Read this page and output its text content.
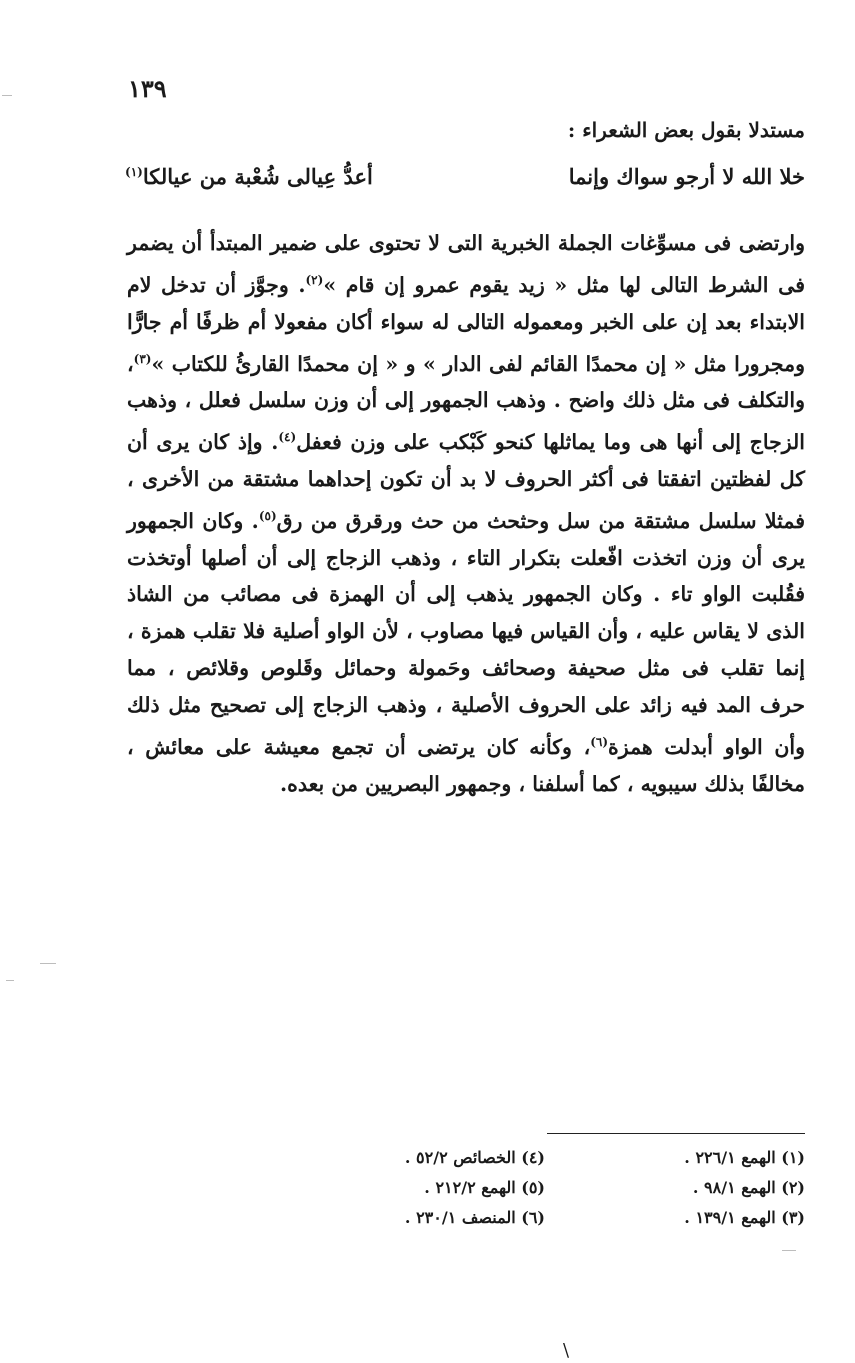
١٣٩
مستدلا بقول بعض الشعراء :
خلا الله لا أرجو سواك وإنما
أعدُّ عِيالى شُعْبة من عيالكا$^{(١)}$
وارتضى فى مسوِّغات الجملة الخبرية التى لا تحتوى على ضمير المبتدأ أن يضمر فى الشرط التالى لها مثل « زيد يقوم عمرو إن قام »$^{(٢)}$. وجوَّز أن تدخل لام الابتداء بعد إن على الخبر ومعموله التالى له سواء أكان مفعولا أم ظرفًا أم جارًّا ومجرورا مثل « إن محمدًا القائم لفى الدار » و « إن محمدًا القارئُ للكتاب »$^{(٣)}$، والتكلف فى مثل ذلك واضح . وذهب الجمهور إلى أن وزن سلسل فعلل ، وذهب الزجاج إلى أنها هى وما يماثلها كنحو كَبْكب على وزن فعفل$^{(٤)}$. وإذ كان يرى أن كل لفظتين اتفقتا فى أكثر الحروف لا بد أن تكون إحداهما مشتقة من الأخرى ، فمثلا سلسل مشتقة من سل وحثحث من حث ورقرق من رق$^{(٥)}$. وكان الجمهور يرى أن وزن اتخذت افّعلت بتكرار التاء ، وذهب الزجاج إلى أن أصلها أوتخذت فقُلبت الواو تاء . وكان الجمهور يذهب إلى أن الهمزة فى مصائب من الشاذ الذى لا يقاس عليه ، وأن القياس فيها مصاوب ، لأن الواو أصلية فلا تقلب همزة ، إنما تقلب فى مثل صحيفة وصحائف وحَمولة وحمائل وقَلوص وقلائص ، مما حرف المد فيه زائد على الحروف الأصلية ، وذهب الزجاج إلى تصحيح مثل ذلك وأن الواو أبدلت همزة$^{(٦)}$، وكأنه كان يرتضى أن تجمع معيشة على معائش ، مخالفًا بذلك سيبويه ، كما أسلفنا ، وجمهور البصريين من بعده.
(١) الهمع ٢٢٦/١ .
(٤) الخصائص ٥٢/٢ .
(٢) الهمع ٩٨/١ .
(٥) الهمع ٢١٢/٢ .
(٣) الهمع ١٣٩/١ .
(٦) المنصف ٢٣٠/١ .
\
